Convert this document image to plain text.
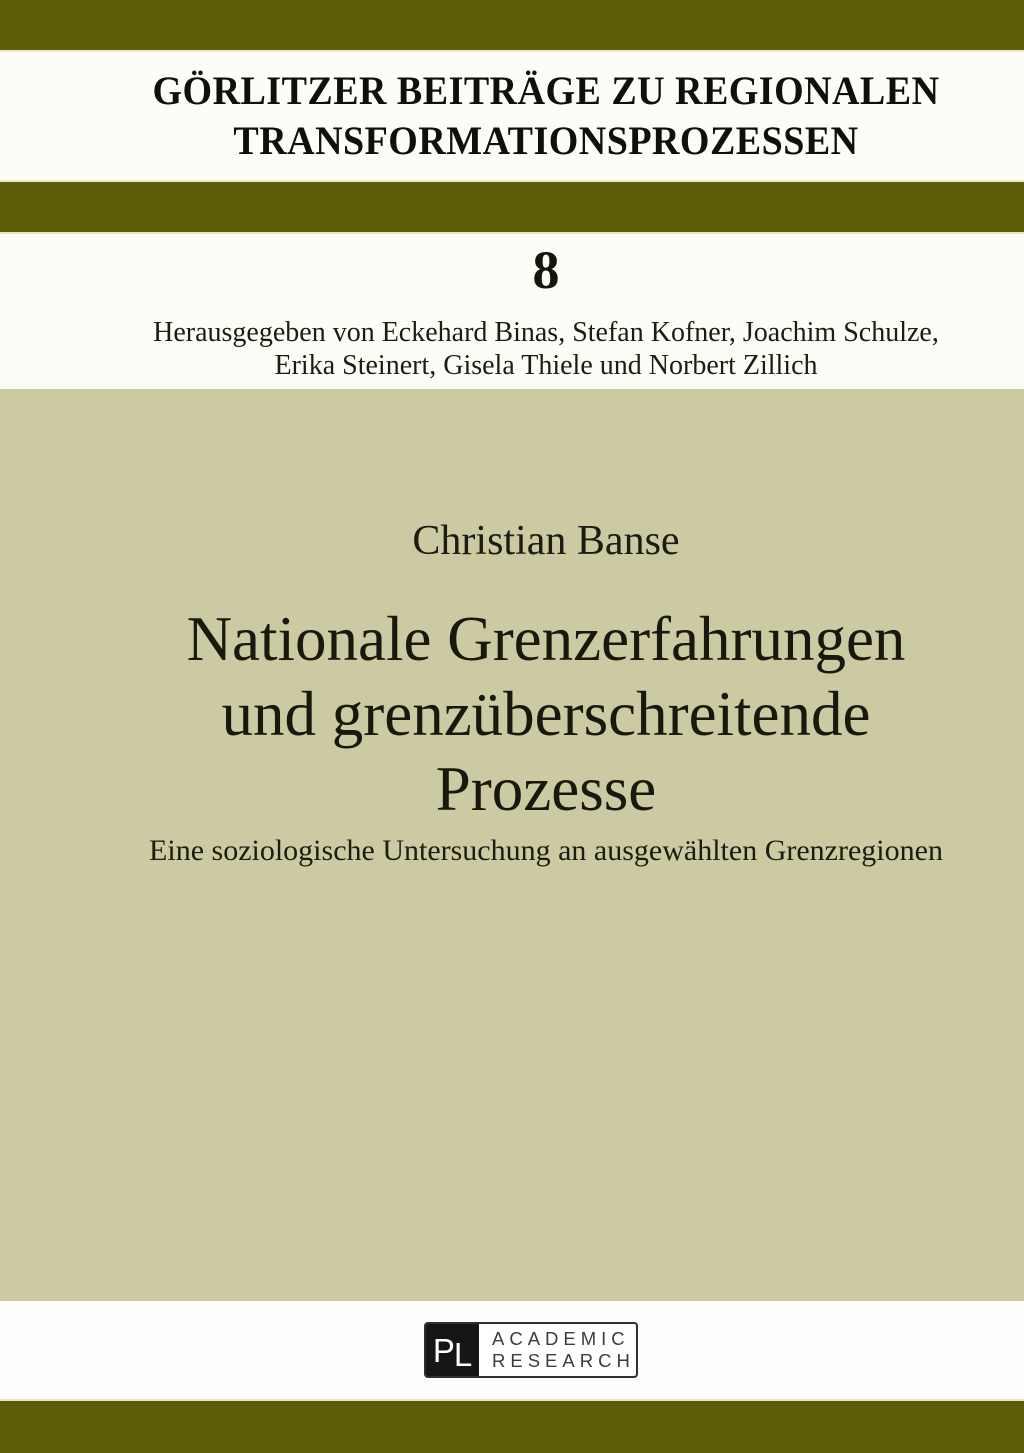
GÖRLITZER BEITRÄGE ZU REGIONALEN
TRANSFORMATIONSPROZESSEN
8
Herausgegeben von Eckehard Binas, Stefan Kofner, Joachim Schulze,
Erika Steinert, Gisela Thiele und Norbert Zillich
Christian Banse
Nationale Grenzerfahrungen
und grenzüberschreitende
Prozesse
Eine soziologische Untersuchung an ausgewählten Grenzregionen
P L ACADEMIC
RESEARCH
